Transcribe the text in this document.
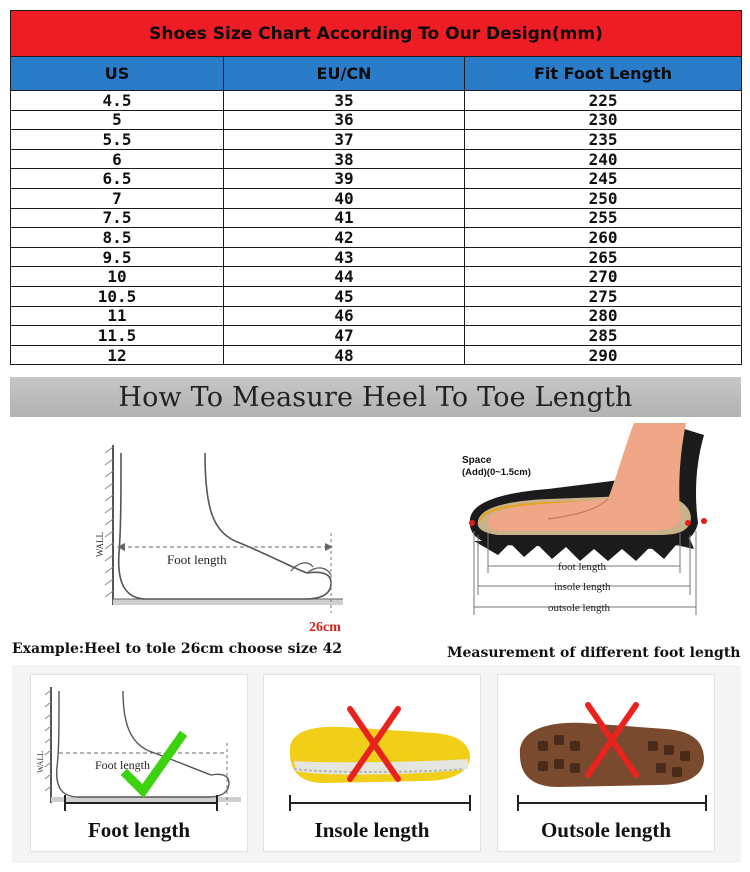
Shoes Size Chart According To Our Design(mm)		
US	EU/CN	Fit Foot Length
4.5	35	225
5	36	230
5.5	37	235
6	38	240
6.5	39	245
7	40	250
7.5	41	255
8.5	42	260
9.5	43	265
10	44	270
10.5	45	275
11	46	280
11.5	47	285
12	48	290
How To Measure Heel To Toe Length
WALL
Foot length
26cm
Space
(Add)(0~1.5cm)
foot length
insole length
outsole length
Example:Heel to tole 26cm choose size 42	Measurement of different foot length
WALL	Foot length
Foot length	Insole length	Outsole length
